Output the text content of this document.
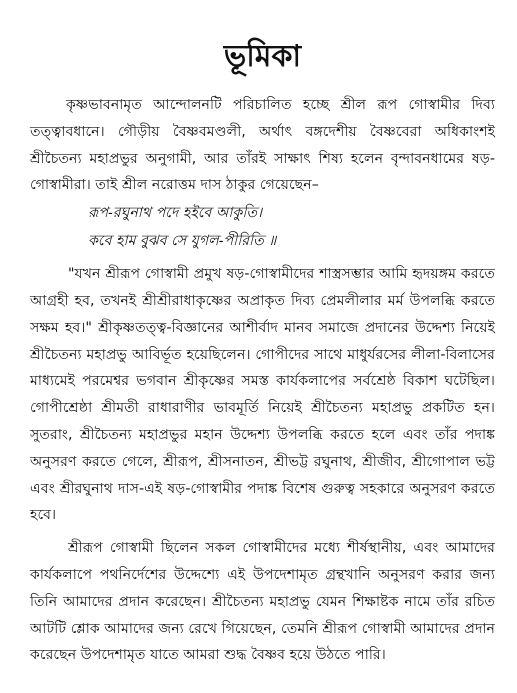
ভূমিকা

কৃষ্ণভাবনামৃত আন্দোলনটি পরিচালিত হচ্ছে শ্রীল রূপ গোস্বামীর দিব্য তত্ত্বাবধানে। গৌড়ীয় বৈষ্ণবমণ্ডলী, অর্থাৎ বঙ্গদেশীয় বৈষ্ণবেরা অধিকাংশই শ্রীচৈতন্য মহাপ্রভুর অনুগামী, আর তাঁরই সাক্ষাৎ শিষ্য হলেন বৃন্দাবনধামের ষড়-গোস্বামীরা। তাই শ্রীল নরোত্তম দাস ঠাকুর গেয়েছেন–

রূপ-রঘুনাথ পদে হইবে আকুতি।
কবে হাম বুঝব সে যুগল-পীরিতি ॥

"যখন শ্রীরূপ গোস্বামী প্রমুখ ষড়-গোস্বামীদের শাস্ত্রসম্ভার আমি হৃদয়ঙ্গম করতে আগ্রহী হব, তখনই শ্রীশ্রীরাধাকৃষ্ণের অপ্রাকৃত দিব্য প্রেমলীলার মর্ম উপলব্ধি করতে সক্ষম হব।" শ্রীকৃষ্ণতত্ত্ব-বিজ্ঞানের আশীর্বাদ মানব সমাজে প্রদানের উদ্দেশ্য নিয়েই শ্রীচৈতন্য মহাপ্রভু আবির্ভূত হয়েছিলেন। গোপীদের সাথে মাধুর্যরসের লীলা-বিলাসের মাধ্যমেই পরমেশ্বর ভগবান শ্রীকৃষ্ণের সমস্ত কার্যকলাপের সর্বশ্রেষ্ঠ বিকাশ ঘটেছিল। গোপীশ্রেষ্ঠা শ্রীমতী রাধারাণীর ভাবমূর্তি নিয়েই শ্রীচৈতন্য মহাপ্রভু প্রকটিত হন। সুতরাং, শ্রীচৈতন্য মহাপ্রভুর মহান উদ্দেশ্য উপলব্ধি করতে হলে এবং তাঁর পদাঙ্ক অনুসরণ করতে গেলে, শ্রীরূপ, শ্রীসনাতন, শ্রীভট্ট রঘুনাথ, শ্রীজীব, শ্রীগোপাল ভট্ট এবং শ্রীরঘুনাথ দাস-এই ষড়-গোস্বামীর পদাঙ্ক বিশেষ গুরুত্ব সহকারে অনুসরণ করতে হবে।

শ্রীরূপ গোস্বামী ছিলেন সকল গোস্বামীদের মধ্যে শীর্ষস্থানীয়, এবং আমাদের কার্যকলাপে পথনির্দেশের উদ্দেশ্যে এই উপদেশামৃত গ্রন্থখানি অনুসরণ করার জন্য তিনি আমাদের প্রদান করেছেন। শ্রীচৈতন্য মহাপ্রভু যেমন শিক্ষাষ্টক নামে তাঁর রচিত আটটি শ্লোক আমাদের জন্য রেখে গিয়েছেন, তেমনি শ্রীরূপ গোস্বামী আমাদের প্রদান করেছেন উপদেশামৃত যাতে আমরা শুদ্ধ বৈষ্ণব হয়ে উঠতে পারি।
